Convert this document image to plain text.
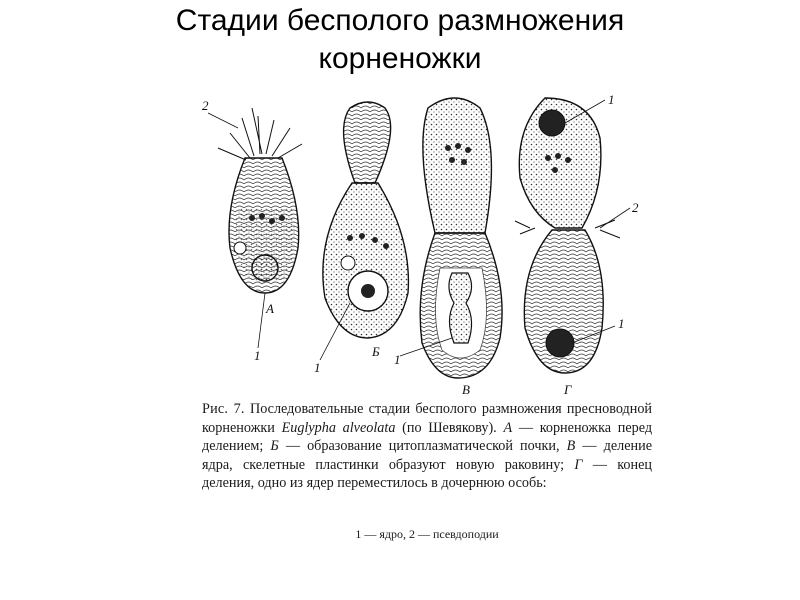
Стадии бесполого размножения
корненожки
А
Б
В	Г
1
1
1
1
1
2
2
Рис. 7. Последовательные стадии бесполого размножения пресноводной корненожки Euglypha alveolata (по Шевякову). А — корненожка перед делением; Б — образование цитоплазматической почки, В — деление ядра, скелетные пластинки образуют новую раковину; Г — конец деления, одно из ядер переместилось в дочернюю особь:
1 — ядро, 2 — псевдоподии
